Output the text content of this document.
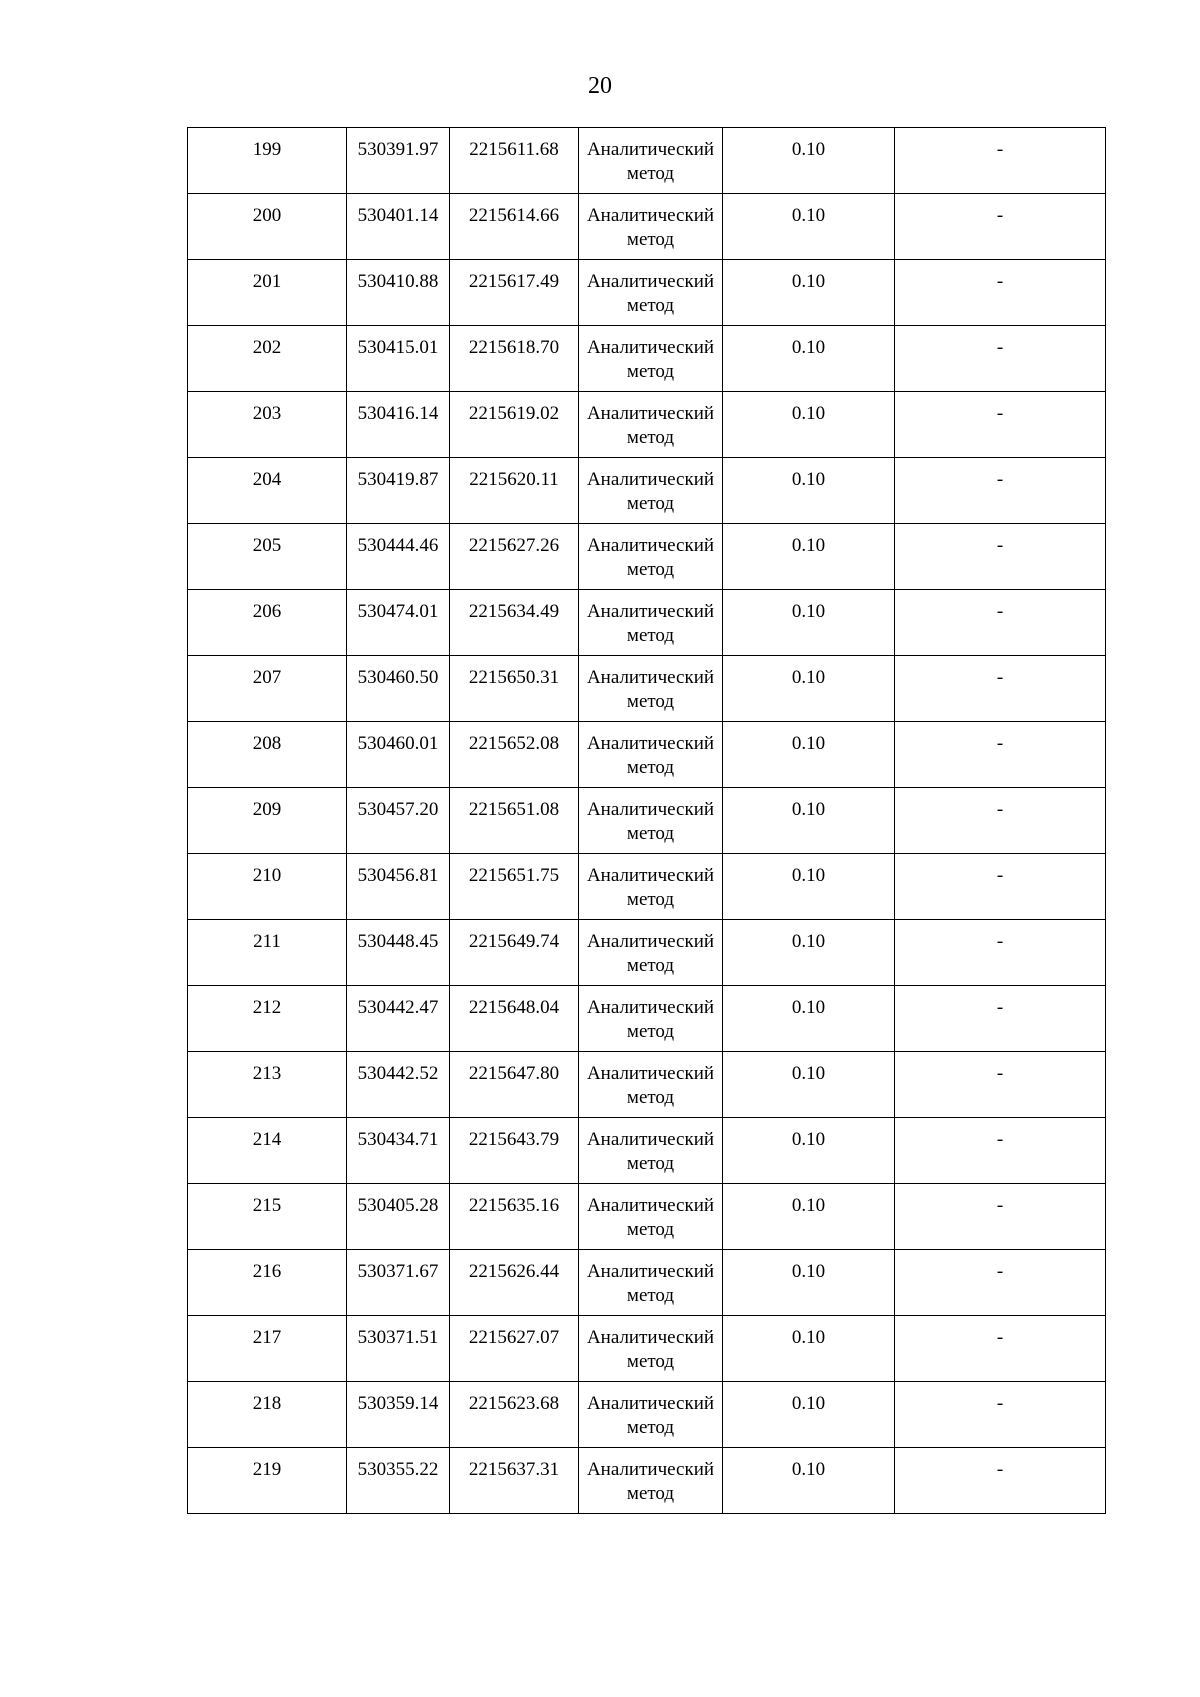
20
199	530391.97	2215611.68	Аналитический метод	0.10	-
200	530401.14	2215614.66	Аналитический метод	0.10	-
201	530410.88	2215617.49	Аналитический метод	0.10	-
202	530415.01	2215618.70	Аналитический метод	0.10	-
203	530416.14	2215619.02	Аналитический метод	0.10	-
204	530419.87	2215620.11	Аналитический метод	0.10	-
205	530444.46	2215627.26	Аналитический метод	0.10	-
206	530474.01	2215634.49	Аналитический метод	0.10	-
207	530460.50	2215650.31	Аналитический метод	0.10	-
208	530460.01	2215652.08	Аналитический метод	0.10	-
209	530457.20	2215651.08	Аналитический метод	0.10	-
210	530456.81	2215651.75	Аналитический метод	0.10	-
211	530448.45	2215649.74	Аналитический метод	0.10	-
212	530442.47	2215648.04	Аналитический метод	0.10	-
213	530442.52	2215647.80	Аналитический метод	0.10	-
214	530434.71	2215643.79	Аналитический метод	0.10	-
215	530405.28	2215635.16	Аналитический метод	0.10	-
216	530371.67	2215626.44	Аналитический метод	0.10	-
217	530371.51	2215627.07	Аналитический метод	0.10	-
218	530359.14	2215623.68	Аналитический метод	0.10	-
219	530355.22	2215637.31	Аналитический метод	0.10	-
